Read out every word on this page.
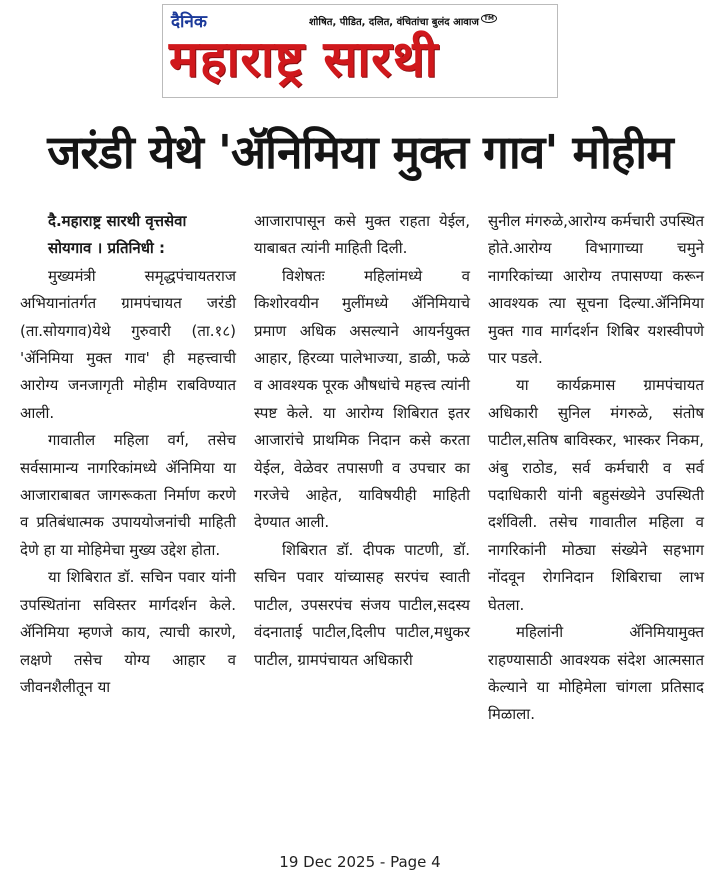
दैनिक	शोषित, पीडित, दलित, वंचितांचा बुलंद आवाज TM
महाराष्ट्र सारथी
जरंडी येथे 'ॲनिमिया मुक्त गाव' मोहीम

दै.महाराष्ट्र सारथी वृत्तसेवा

सोयगाव । प्रतिनिधी :

मुख्यमंत्री समृद्धपंचायतराज अभियानांतर्गत ग्रामपंचायत जरंडी (ता.सोयगाव)येथे गुरुवारी (ता.१८) 'ॲनिमिया मुक्त गाव' ही महत्त्वाची आरोग्य जनजागृती मोहीम राबविण्यात आली.

गावातील महिला वर्ग, तसेच सर्वसामान्य नागरिकांमध्ये ॲनिमिया या आजाराबाबत जागरूकता निर्माण करणे व प्रतिबंधात्मक उपाययोजनांची माहिती देणे हा या मोहिमेचा मुख्य उद्देश होता.

या शिबिरात डॉ. सचिन पवार यांनी उपस्थितांना सविस्तर मार्गदर्शन केले. ॲनिमिया म्हणजे काय, त्याची कारणे, लक्षणे तसेच योग्य आहार व जीवनशैलीतून या

आजारापासून कसे मुक्त राहता येईल, याबाबत त्यांनी माहिती दिली.

विशेषतः महिलांमध्ये व किशोरवयीन मुलींमध्ये ॲनिमियाचे प्रमाण अधिक असल्याने आयर्नयुक्त आहार, हिरव्या पालेभाज्या, डाळी, फळे व आवश्यक पूरक औषधांचे महत्त्व त्यांनी स्पष्ट केले. या आरोग्य शिबिरात इतर आजारांचे प्राथमिक निदान कसे करता येईल, वेळेवर तपासणी व उपचार का गरजेचे आहेत, याविषयीही माहिती देण्यात आली.

शिबिरात डॉ. दीपक पाटणी, डॉ. सचिन पवार यांच्यासह सरपंच स्वाती पाटील, उपसरपंच संजय पाटील,सदस्य वंदनाताई पाटील,दिलीप पाटील,मधुकर पाटील, ग्रामपंचायत अधिकारी

सुनील मंगरुळे,आरोग्य कर्मचारी उपस्थित होते.आरोग्य विभागाच्या चमुने नागरिकांच्या आरोग्य तपासण्या करून आवश्यक त्या सूचना दिल्या.ॲनिमिया मुक्त गाव मार्गदर्शन शिबिर यशस्वीपणे पार पडले.

या कार्यक्रमास ग्रामपंचायत अधिकारी सुनिल मंगरुळे, संतोष पाटील,सतिष बाविस्कर, भास्कर निकम, अंबु राठोड, सर्व कर्मचारी व सर्व पदाधिकारी यांनी बहुसंख्येने उपस्थिती दर्शविली. तसेच गावातील महिला व नागरिकांनी मोठ्या संख्येने सहभाग नोंदवून रोगनिदान शिबिराचा लाभ घेतला.

महिलांनी ॲनिमियामुक्त राहण्यासाठी आवश्यक संदेश आत्मसात केल्याने या मोहिमेला चांगला प्रतिसाद मिळाला.

19 Dec 2025 - Page 4
